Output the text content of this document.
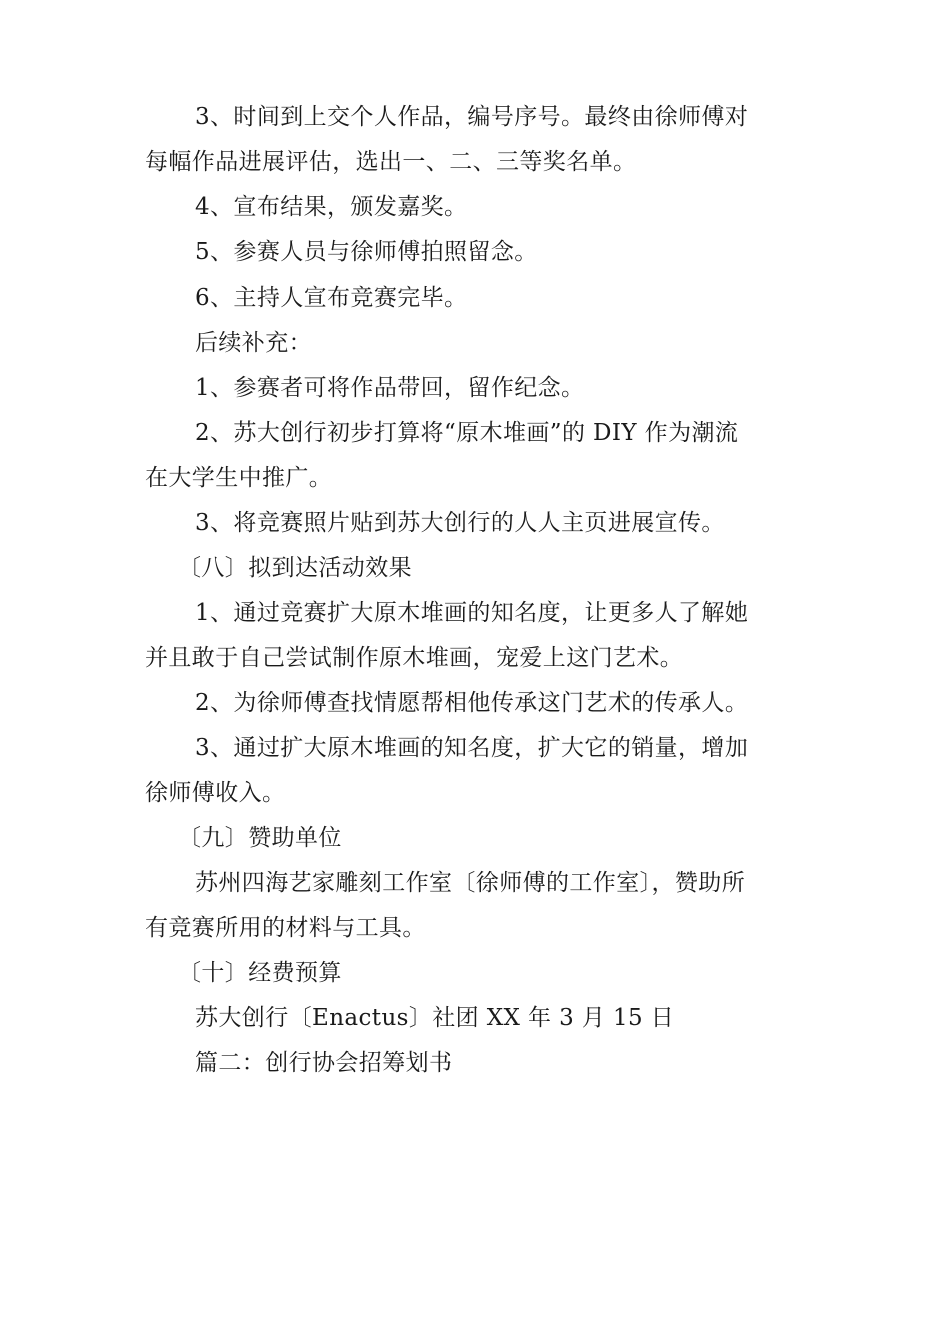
3、时间到上交个人作品，编号序号。最终由徐师傅对
每幅作品进展评估，选出一、二、三等奖名单。
4、宣布结果，颁发嘉奖。
5、参赛人员与徐师傅拍照留念。
6、主持人宣布竞赛完毕。
后续补充：
1、参赛者可将作品带回，留作纪念。
2、苏大创行初步打算将“原木堆画”的 DIY 作为潮流
在大学生中推广。
3、将竞赛照片贴到苏大创行的人人主页进展宣传。
〔八〕拟到达活动效果
1、通过竞赛扩大原木堆画的知名度，让更多人了解她
并且敢于自己尝试制作原木堆画，宠爱上这门艺术。
2、为徐师傅查找情愿帮相他传承这门艺术的传承人。
3、通过扩大原木堆画的知名度，扩大它的销量，增加
徐师傅收入。
〔九〕赞助单位
苏州四海艺家雕刻工作室〔徐师傅的工作室〕，赞助所
有竞赛所用的材料与工具。
〔十〕经费预算
苏大创行〔Enactus〕社团 XX 年 3 月 15 日
篇二：创行协会招筹划书
